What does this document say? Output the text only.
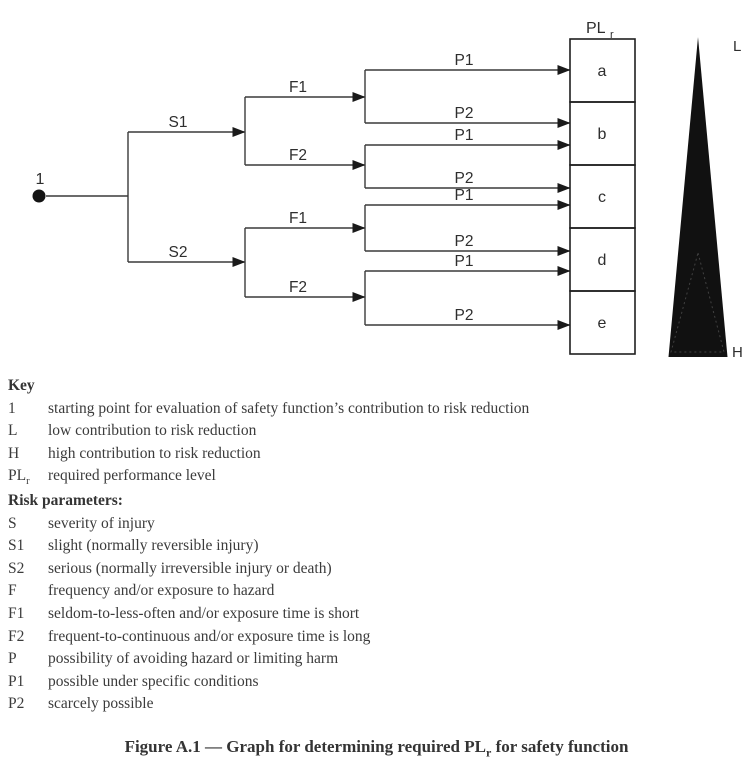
1
S1
S2
F1
F2
F1
F2
P1
P2
P1
P2
P1
P2
P1
P2
PL r
a
b
c
d
e
L
H
Key
1	starting point for evaluation of safety function’s contribution to risk reduction
L	low contribution to risk reduction
H	high contribution to risk reduction
$PL_r$	required performance level
Risk parameters:
S	severity of injury
S1	slight (normally reversible injury)
S2	serious (normally irreversible injury or death)
F	frequency and/or exposure to hazard
F1	seldom-to-less-often and/or exposure time is short
F2	frequent-to-continuous and/or exposure time is long
P	possibility of avoiding hazard or limiting harm
P1	possible under specific conditions
P2	scarcely possible
Figure A.1 — Graph for determining required $PL_r$ for safety function
